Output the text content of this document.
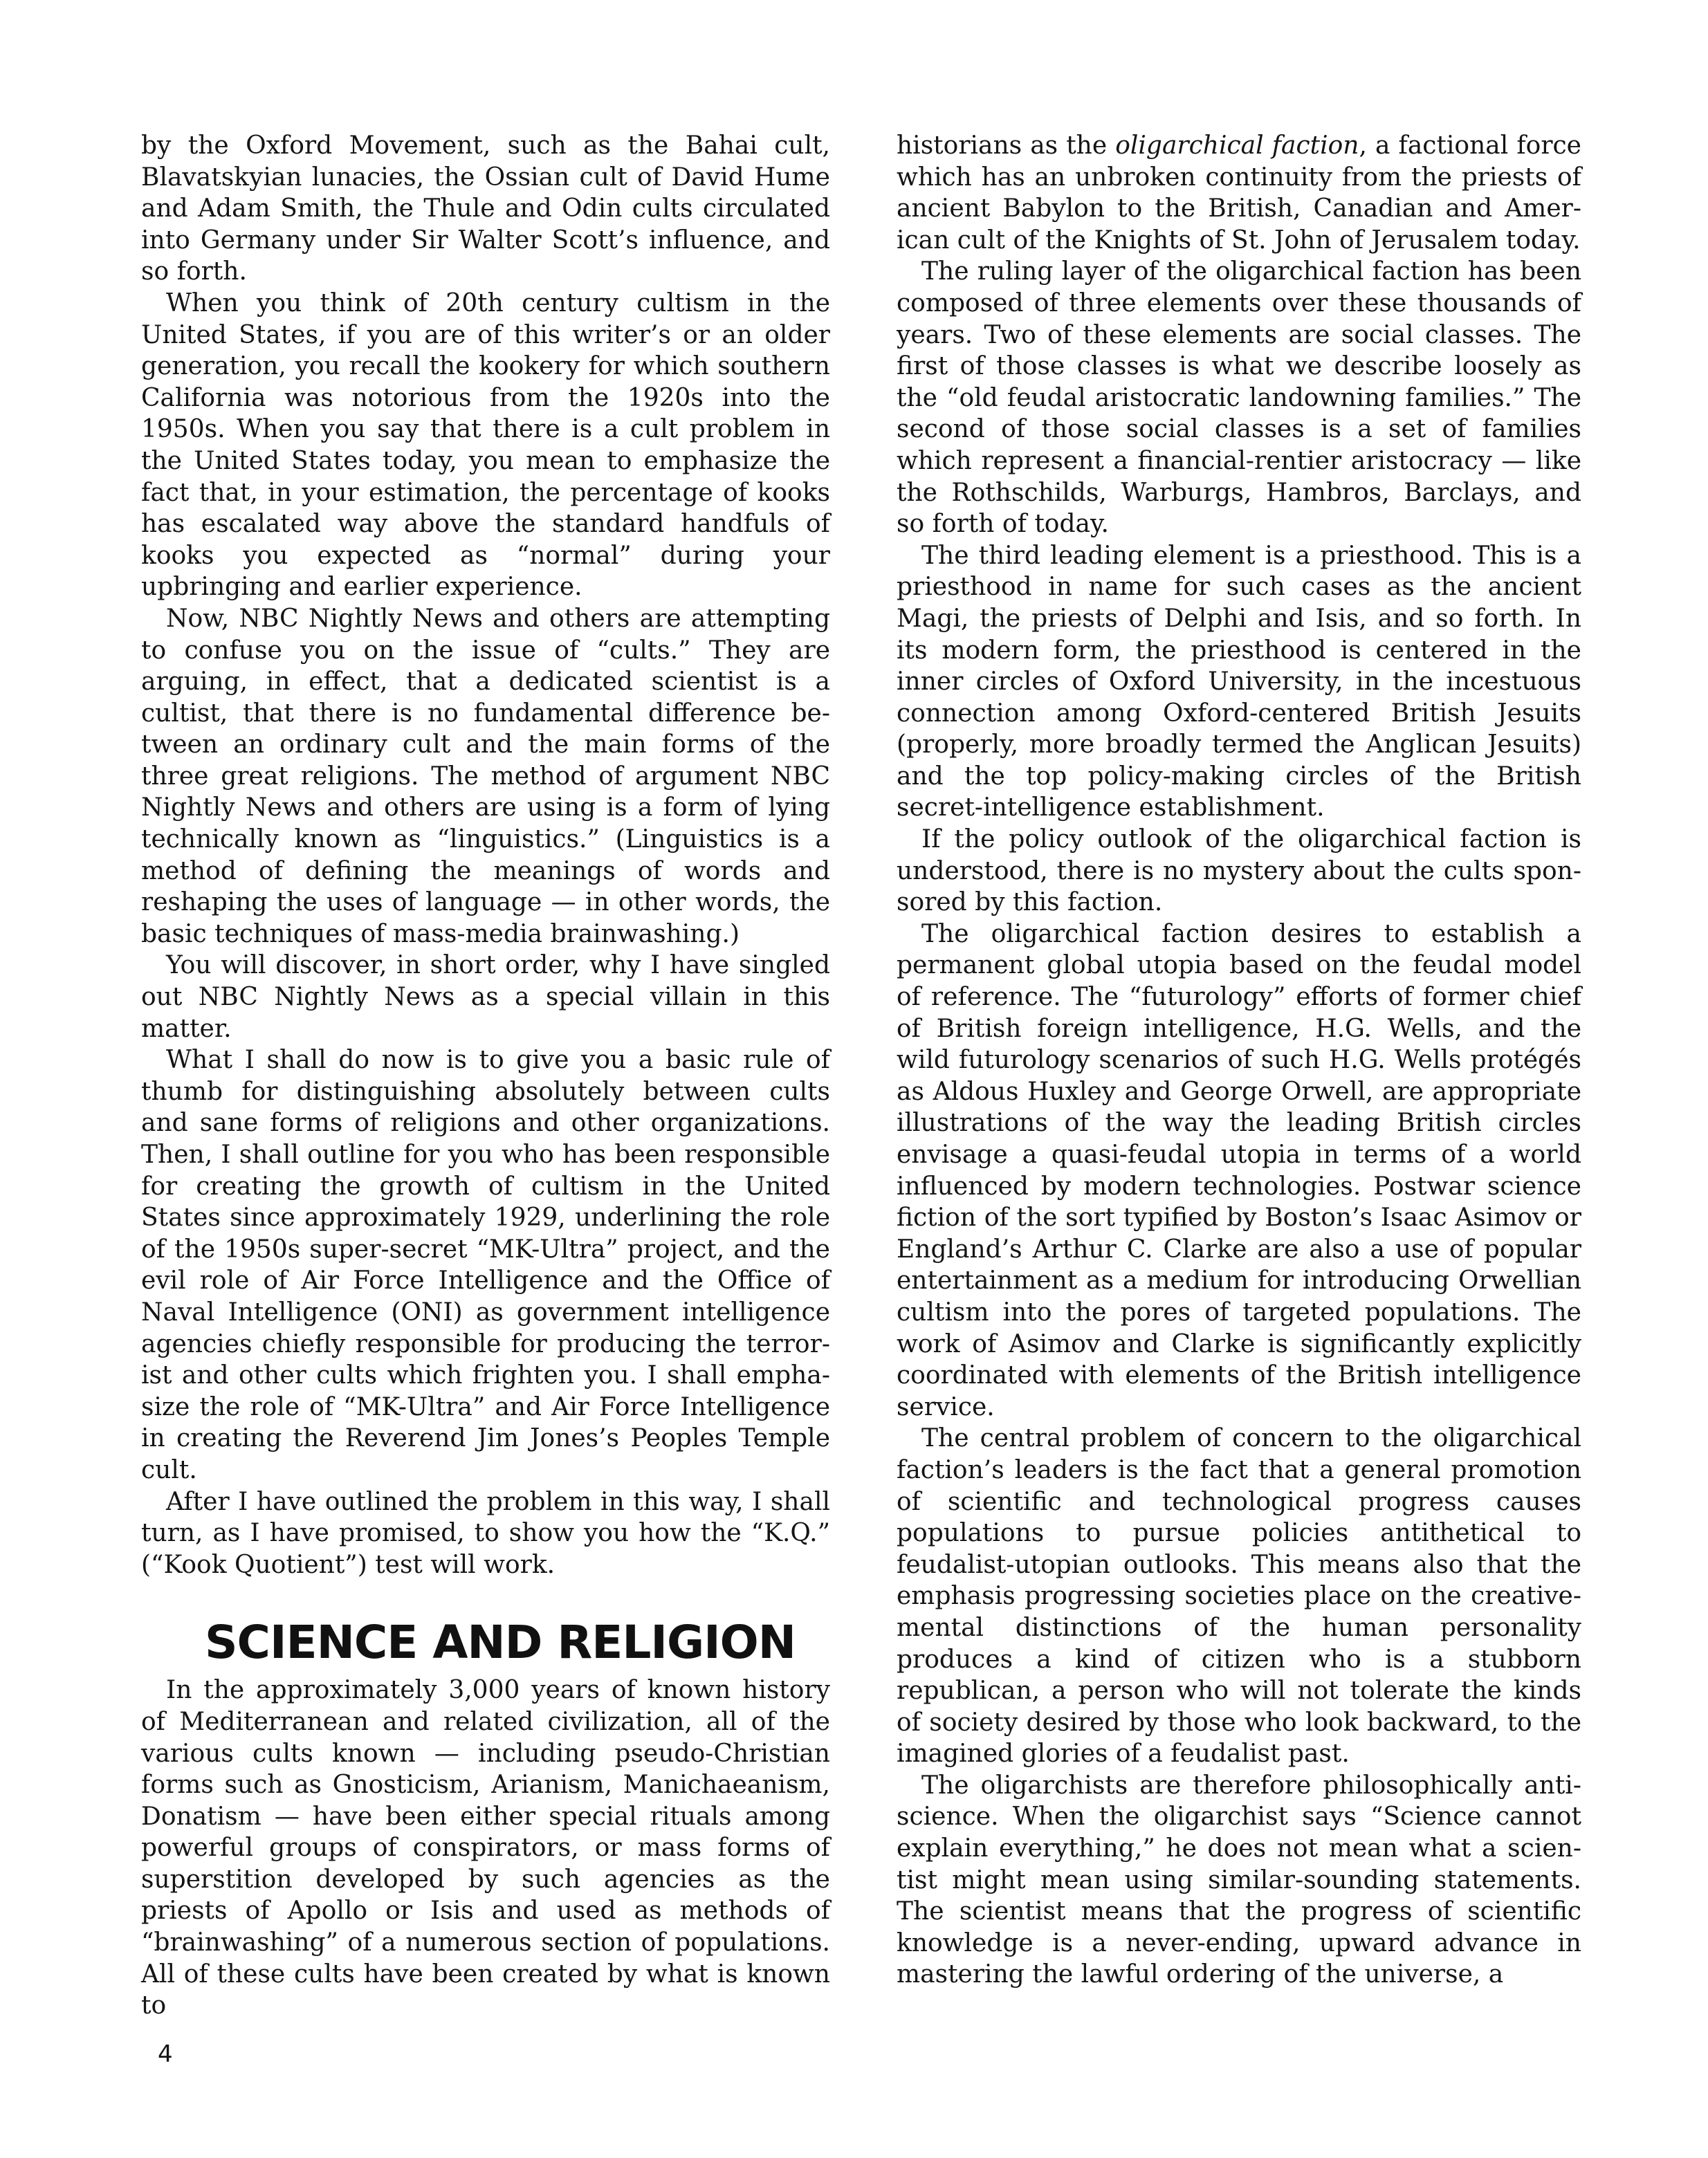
by the Oxford Movement, such as the Bahai cult, Blavatskyian lunacies, the Ossian cult of David Hume and Adam Smith, the Thule and Odin cults circulated into Germany under Sir Walter Scott’s influence, and so forth.

When you think of 20th century cultism in the United States, if you are of this writer’s or an older generation, you recall the kookery for which southern California was notorious from the 1920s into the 1950s. When you say that there is a cult problem in the United States today, you mean to emphasize the fact that, in your estimation, the percentage of kooks has escalated way above the standard handfuls of kooks you expected as “normal” during your upbringing and earlier experience.

Now, NBC Nightly News and others are attempting to confuse you on the issue of “cults.” They are arguing, in effect, that a dedicated scientist is a cultist, that there is no fundamental difference between an ordinary cult and the main forms of the three great religions. The method of argument NBC Nightly News and others are using is a form of lying technically known as “linguistics.” (Linguistics is a method of defining the meanings of words and reshaping the uses of language — in other words, the basic techniques of mass-media brainwashing.)

You will discover, in short order, why I have singled out NBC Nightly News as a special villain in this matter.

What I shall do now is to give you a basic rule of thumb for distinguishing absolutely between cults and sane forms of religions and other organizations. Then, I shall outline for you who has been responsible for creating the growth of cultism in the United States since approximately 1929, underlining the role of the 1950s super-secret “MK-Ultra” project, and the evil role of Air Force Intelligence and the Office of Naval Intelligence (ONI) as government intelligence agencies chiefly responsible for producing the terrorist and other cults which frighten you. I shall emphasize the role of “MK-Ultra” and Air Force Intelligence in creating the Reverend Jim Jones’s Peoples Temple cult.

After I have outlined the problem in this way, I shall turn, as I have promised, to show you how the “K.Q.” (“Kook Quotient”) test will work.

SCIENCE AND RELIGION

In the approximately 3,000 years of known history of Mediterranean and related civilization, all of the various cults known — including pseudo-Christian forms such as Gnosticism, Arianism, Manichaeanism, Donatism — have been either special rituals among powerful groups of conspirators, or mass forms of superstition developed by such agencies as the priests of Apollo or Isis and used as methods of “brainwashing” of a numerous section of populations. All of these cults have been created by what is known to

historians as the oligarchical faction, a factional force which has an unbroken continuity from the priests of ancient Babylon to the British, Canadian and American cult of the Knights of St. John of Jerusalem today.

The ruling layer of the oligarchical faction has been composed of three elements over these thousands of years. Two of these elements are social classes. The first of those classes is what we describe loosely as the “old feudal aristocratic landowning families.” The second of those social classes is a set of families which represent a financial-rentier aristocracy — like the Rothschilds, Warburgs, Hambros, Barclays, and so forth of today.

The third leading element is a priesthood. This is a priesthood in name for such cases as the ancient Magi, the priests of Delphi and Isis, and so forth. In its modern form, the priesthood is centered in the inner circles of Oxford University, in the incestuous connection among Oxford-centered British Jesuits (properly, more broadly termed the Anglican Jesuits) and the top policy-making circles of the British secret-intelligence establishment.

If the policy outlook of the oligarchical faction is understood, there is no mystery about the cults sponsored by this faction.

The oligarchical faction desires to establish a permanent global utopia based on the feudal model of reference. The “futurology” efforts of former chief of British foreign intelligence, H.G. Wells, and the wild futurology scenarios of such H.G. Wells protégés as Aldous Huxley and George Orwell, are appropriate illustrations of the way the leading British circles envisage a quasi-feudal utopia in terms of a world influenced by modern technologies. Postwar science fiction of the sort typified by Boston’s Isaac Asimov or England’s Arthur C. Clarke are also a use of popular entertainment as a medium for introducing Orwellian cultism into the pores of targeted populations. The work of Asimov and Clarke is significantly explicitly coordinated with elements of the British intelligence service.

The central problem of concern to the oligarchical faction’s leaders is the fact that a general promotion of scientific and technological progress causes populations to pursue policies antithetical to feudalist-utopian outlooks. This means also that the emphasis progressing societies place on the creative-mental distinctions of the human personality produces a kind of citizen who is a stubborn republican, a person who will not tolerate the kinds of society desired by those who look backward, to the imagined glories of a feudalist past.

The oligarchists are therefore philosophically antiscience. When the oligarchist says “Science cannot explain everything,” he does not mean what a scientist might mean using similar-sounding statements. The scientist means that the progress of scientific knowledge is a never-ending, upward advance in mastering the lawful ordering of the universe, a

4
